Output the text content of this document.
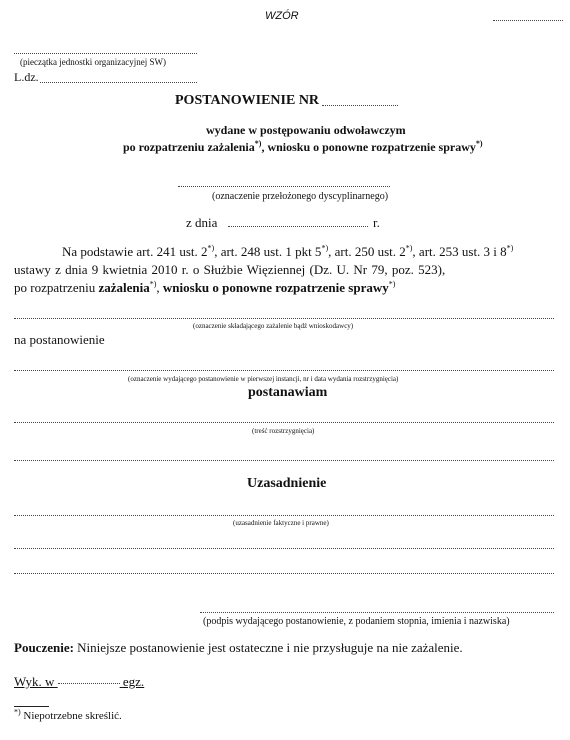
WZÓR
(pieczątka jednostki organizacyjnej SW)
L.dz.
POSTANOWIENIE NR
wydane w postępowaniu odwoławczym
po rozpatrzeniu zażalenia*), wniosku o ponowne rozpatrzenie sprawy*)
(oznaczenie przełożonego dyscyplinarnego)
z dnia	r.
Na podstawie art. 241 ust. 2*), art. 248 ust. 1 pkt 5*), art. 250 ust. 2*), art. 253 ust. 3 i 8*)
ustawy z dnia 9 kwietnia 2010 r. o Służbie Więziennej (Dz. U. Nr 79, poz. 523),
po rozpatrzeniu zażalenia*), wniosku o ponowne rozpatrzenie sprawy*)
(oznaczenie składającego zażalenie bądź wnioskodawcy)
na postanowienie
(oznaczenie wydającego postanowienie w pierwszej instancji, nr i data wydania rozstrzygnięcia)
postanawiam
(treść rozstrzygnięcia)
Uzasadnienie
(uzasadnienie faktyczne i prawne)
(podpis wydającego postanowienie, z podaniem stopnia, imienia i nazwiska)
Pouczenie: Niniejsze postanowienie jest ostateczne i nie przysługuje na nie zażalenie.
Wyk. w	egz.
*) Niepotrzebne skreślić.
